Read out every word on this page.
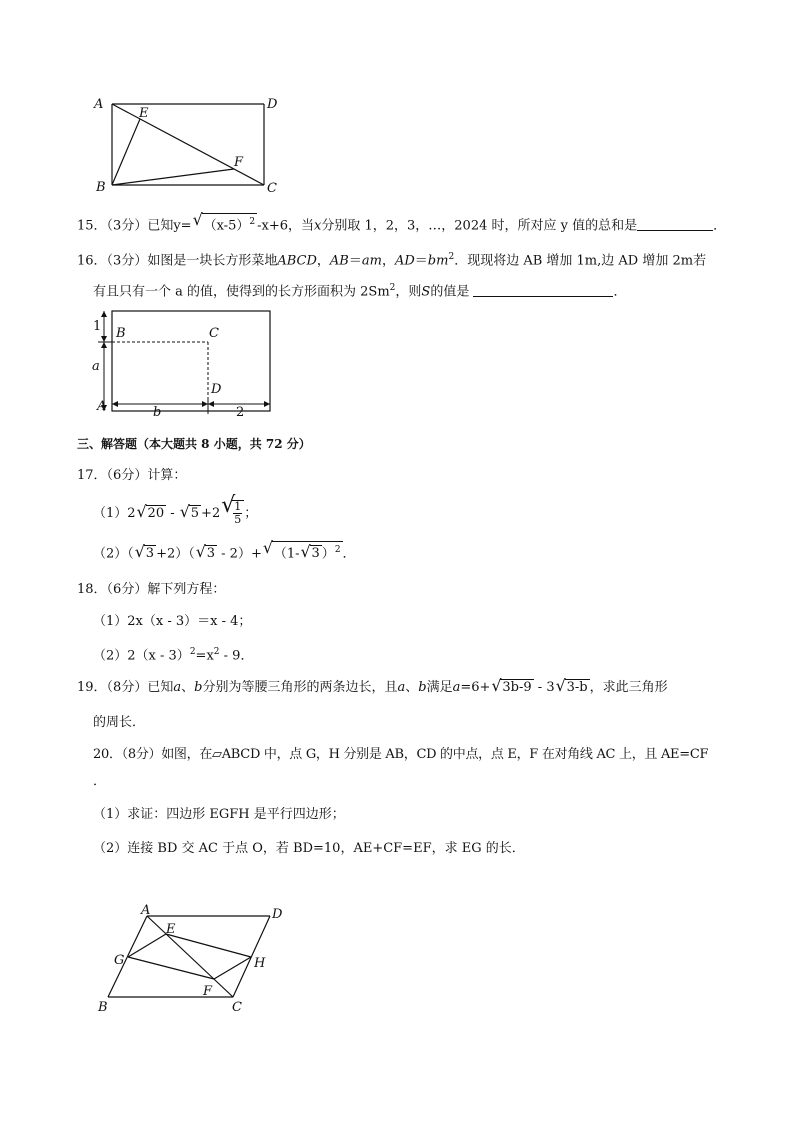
A	D
E
F
B	C
15．（3分）已知y= √ $(x-5)^2$ -x+6，当x分别取 1，2，3，…，2024 时，所对应 y 值的总和是	．
16．（3分）如图是一块长方形菜地ABCD，AB＝am，$AD=bm^2$．现现将边 AB 增加 1m,边 AD 增加 2m若
有且只有一个 a 的值，使得到的长方形面积为 2Sm$^2$，则S的值是	．
1 B	C
a
D
A	b	2
三、解答题（本大题共 8 小题，共 72 分）
17．（6分）计算：
（1）2 √ 20 - √ 5 +2 √
$\frac{1}{5}$ ；
（2）（ √ 3 +2）（ √ 3 - 2）+ √ （1- √ 3 ）$^2$ ．
18．（6分）解下列方程：
（1）2x（x - 3）＝x - 4；
$(2)2(x - 3)^2=x^2 - 9$．
19．（8分）已知a、b分别为等腰三角形的两条边长，且a、b满足a=6+ √ 3b-9 - 3 √ 3-b ，求此三角形
的周长．
20．（8分）如图，在▱ABCD 中，点 G，H 分别是 AB，CD 的中点，点 E，F 在对角线 AC 上，且 AE=CF
．
（1）求证：四边形 EGFH 是平行四边形；
（2）连接 BD 交 AC 于点 O，若 BD=10，AE+CF=EF，求 EG 的长．
A	D
E
G	H
F
B	C
